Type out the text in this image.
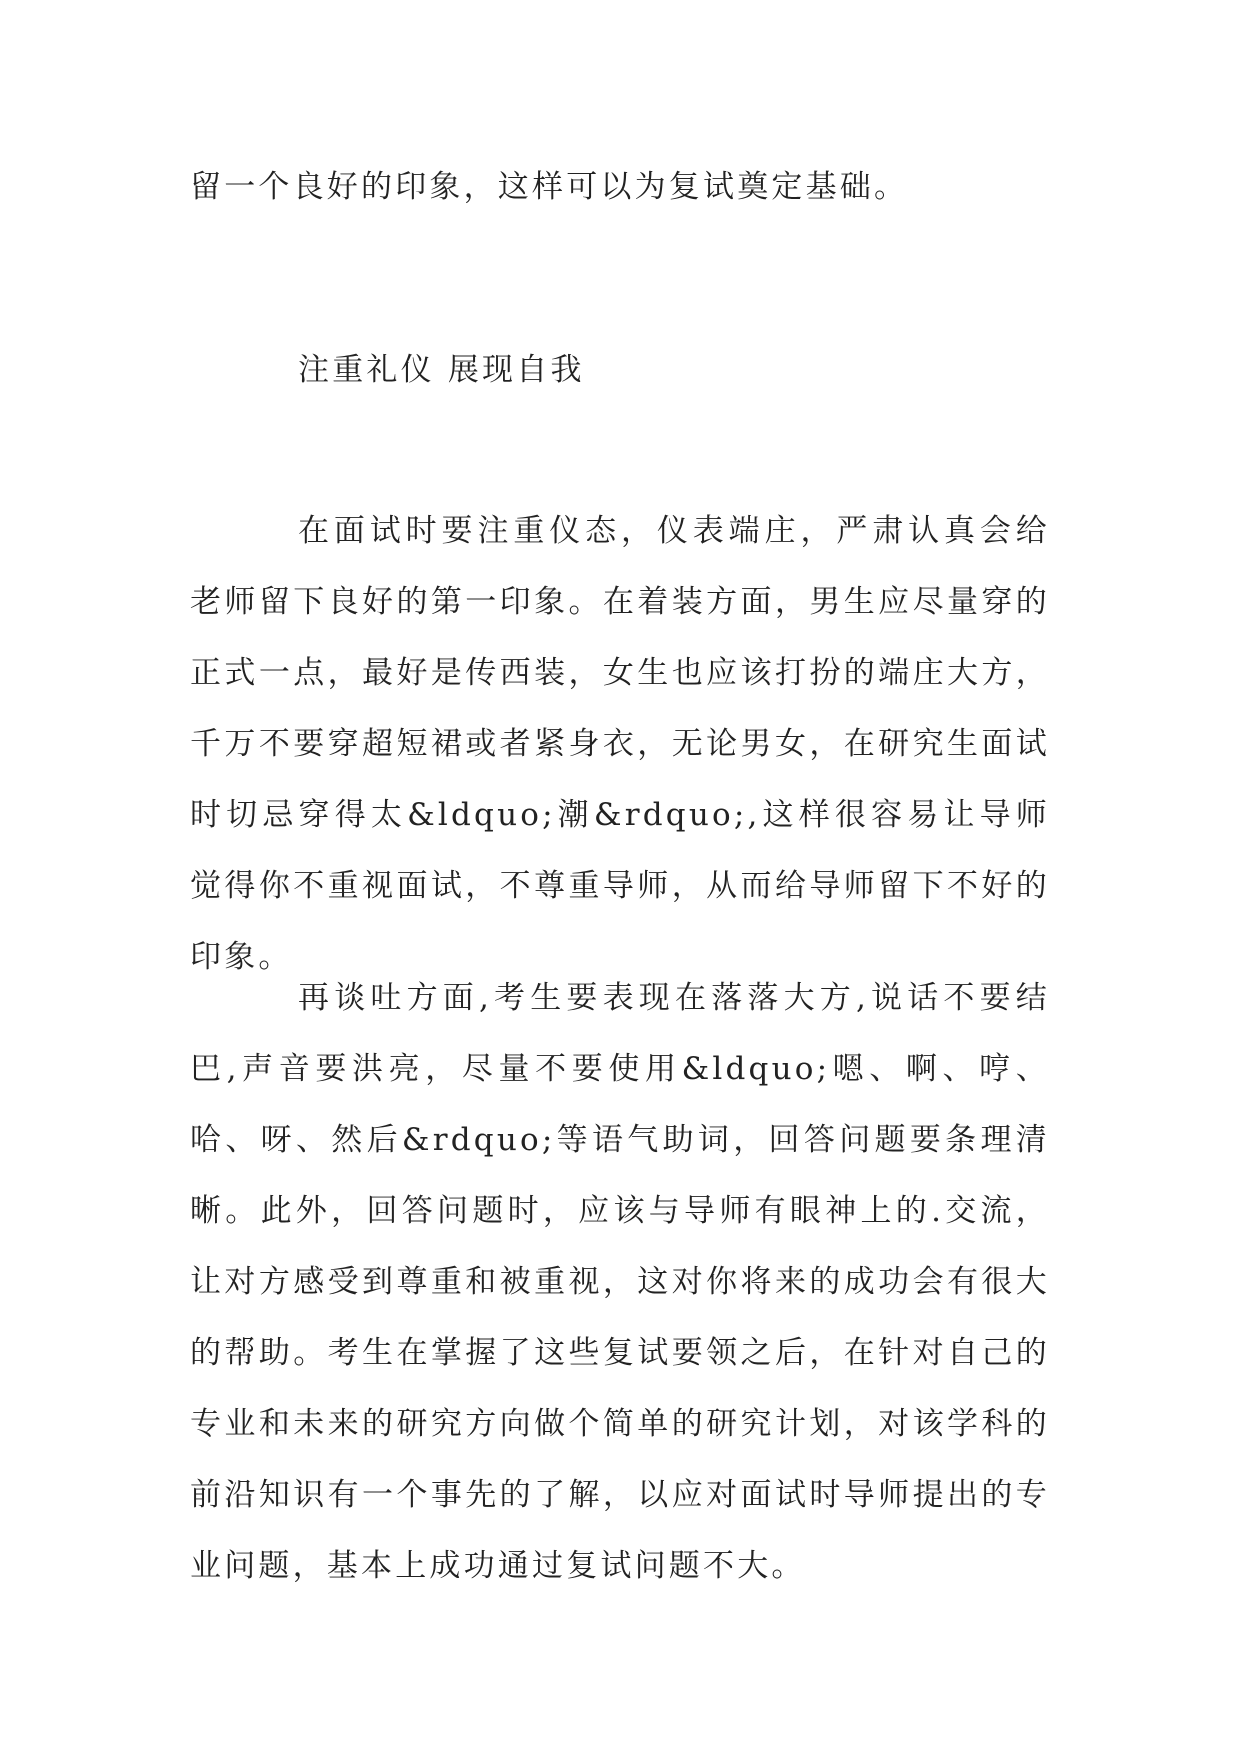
留一个良好的印象，这样可以为复试奠定基础。

注重礼仪 展现自我

在面试时要注重仪态，仪表端庄，严肃认真会给老师留下良好的第一印象。在着装方面，男生应尽量穿的正式一点，最好是传西装，女生也应该打扮的端庄大方，千万不要穿超短裙或者紧身衣，无论男女，在研究生面试时切忌穿得太&ldquo;潮&rdquo;,这样很容易让导师觉得你不重视面试，不尊重导师，从而给导师留下不好的印象。

再谈吐方面,考生要表现在落落大方,说话不要结巴,声音要洪亮，尽量不要使用&ldquo;嗯、啊、哼、哈、呀、然后&rdquo;等语气助词，回答问题要条理清晰。此外，回答问题时，应该与导师有眼神上的.交流，让对方感受到尊重和被重视，这对你将来的成功会有很大的帮助。考生在掌握了这些复试要领之后，在针对自己的专业和未来的研究方向做个简单的研究计划，对该学科的前沿知识有一个事先的了解，以应对面试时导师提出的专业问题，基本上成功通过复试问题不大。
